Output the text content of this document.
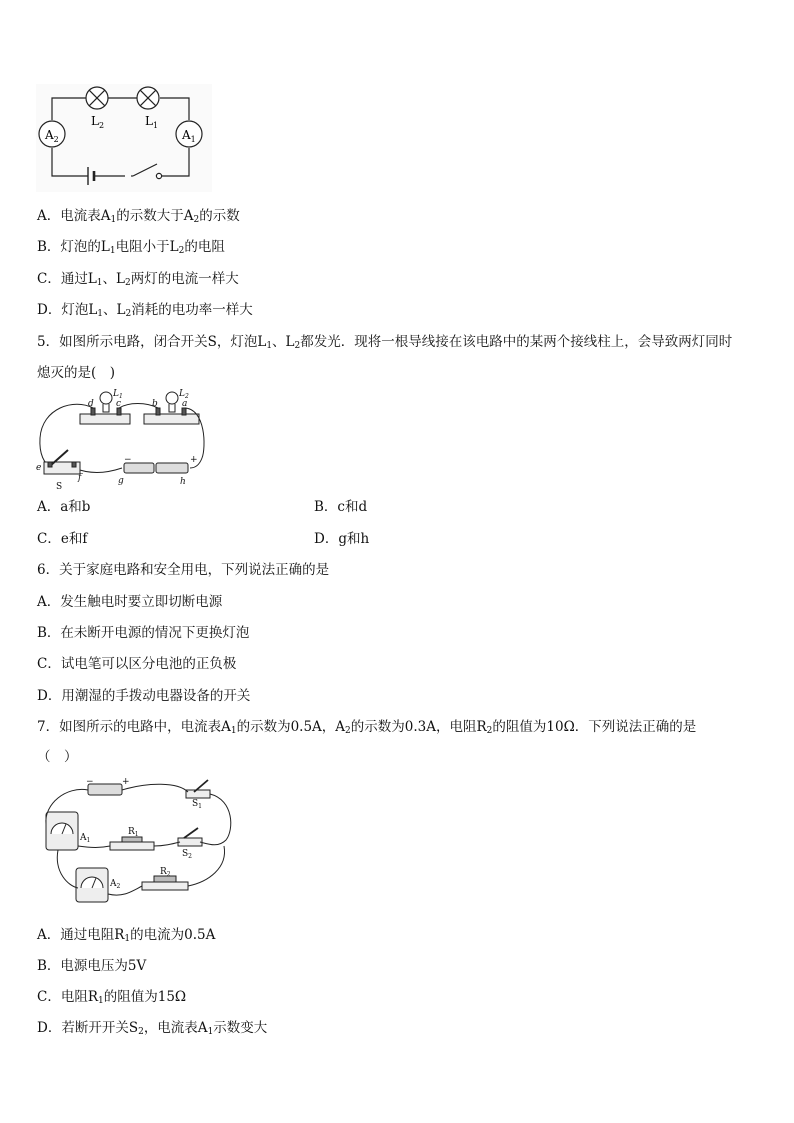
$A_2$	$A_1$
$L_2$	$L_1$
A．电流表$A_1$的示数大于$A_2$的示数
B．灯泡的$L_1$电阻小于$L_2$的电阻
C．通过$L_1$、$L_2$两灯的电流一样大
D．灯泡$L_1$、$L_2$消耗的电功率一样大
5．如图所示电路，闭合开关S，灯泡$L_1$、$L_2$都发光．现将一根导线接在该电路中的某两个接线柱上，会导致两灯同时
熄灭的是(　)
d c
$L_1$
b	a
$L_2$
e
f
S
g	h
+
−
A．a和b	B．c和d
C．e和f	D．g和h
6．关于家庭电路和安全用电，下列说法正确的是
A．发生触电时要立即切断电源
B．在未断开电源的情况下更换灯泡
C．试电笔可以区分电池的正负极
D．用潮湿的手拨动电器设备的开关
7．如图所示的电路中，电流表$A_1$的示数为0.5A，$A_2$的示数为0.3A，电阻$R_2$的阻值为10Ω．下列说法正确的是
（　）
$S_1$
$A_1$
$R_1$
$S_2$
$A_2$
$R_2$
+
−
A．通过电阻$R_1$的电流为0.5A
B．电源电压为5V
C．电阻$R_1$的阻值为15Ω
D．若断开开关$S_2$，电流表$A_1$示数变大
